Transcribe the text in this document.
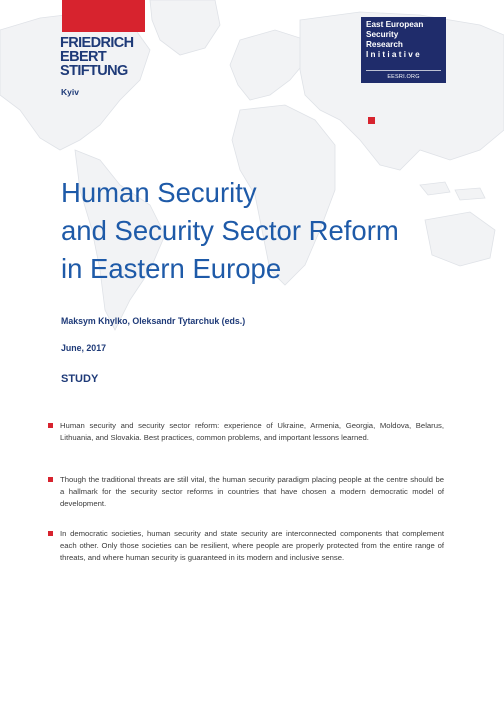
FRIEDRICH
EBERT
STIFTUNG
Kyiv
East European
Security
Research
I n i t i a t i v e
EESRI.ORG
Human Security
and Security Sector Reform
in Eastern Europe
Maksym Khylko, Oleksandr Tytarchuk (eds.)
June, 2017
STUDY
Human security and security sector reform: experience of Ukraine, Armenia, Georgia, Moldova, Belarus, Lithuania, and Slovakia. Best practices, common problems, and important lessons learned.
Though the traditional threats are still vital, the human security paradigm placing people at the centre should be a hallmark for the security sector reforms in countries that have chosen a modern democratic model of development.
In democratic societies, human security and state security are interconnected components that complement each other. Only those societies can be resilient, where people are properly protected from the entire range of threats, and where human security is guaranteed in its modern and inclusive sense.
